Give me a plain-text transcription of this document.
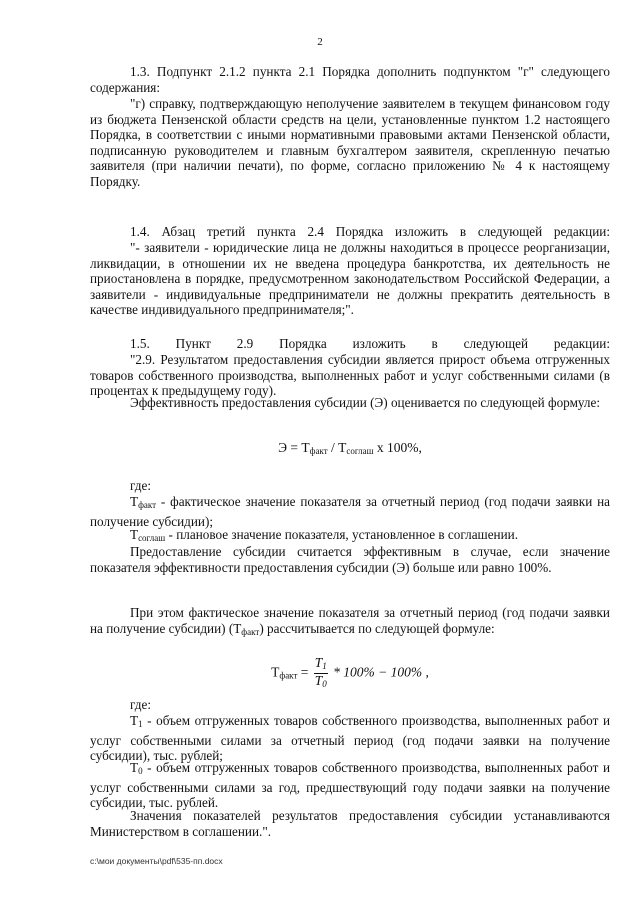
2

1.3. Подпункт 2.1.2 пункта 2.1 Порядка дополнить подпунктом "г" следующего содержания:

"г) справку, подтверждающую неполучение заявителем в текущем финансовом году из бюджета Пензенской области средств на цели, установленные пунктом 1.2 настоящего Порядка, в соответствии с иными нормативными правовыми актами Пензенской области, подписанную руководителем и главным бухгалтером заявителя, скрепленную печатью заявителя (при наличии печати), по форме, согласно приложению № 4 к настоящему Порядку.

1.4. Абзац третий пункта 2.4 Порядка изложить в следующей редакции:

"- заявители - юридические лица не должны находиться в процессе реорганизации, ликвидации, в отношении их не введена процедура банкротства, их деятельность не приостановлена в порядке, предусмотренном законодательством Российской Федерации, а заявители - индивидуальные предприниматели не должны прекратить деятельность в качестве индивидуального предпринимателя;".

1.5. Пункт 2.9 Порядка изложить в следующей редакции:

"2.9. Результатом предоставления субсидии является прирост объема отгруженных товаров собственного производства, выполненных работ и услуг собственными силами (в процентах к предыдущему году).

Эффективность предоставления субсидии (Э) оценивается по следующей формуле:

$Э = Т_{факт} / Т_{соглаш}$ х 100%,

где:

$Т_{факт}$ - фактическое значение показателя за отчетный период (год подачи заявки на получение субсидии);

$Т_{соглаш}$ - плановое значение показателя, установленное в соглашении.

Предоставление субсидии считается эффективным в случае, если значение показателя эффективности предоставления субсидии (Э) больше или равно 100%.

При этом фактическое значение показателя за отчетный период (год подачи заявки на получение субсидии) $(Т_{факт})$ рассчитывается по следующей формуле:

$Т_{факт} = \frac{T_1}{T_0} * 100\% - 100\%$ ,

где:

$Т_1$ - объем отгруженных товаров собственного производства, выполненных работ и услуг собственными силами за отчетный период (год подачи заявки на получение субсидии), тыс. рублей;

$Т_0$ - объем отгруженных товаров собственного производства, выполненных работ и услуг собственными силами за год, предшествующий году подачи заявки на получение субсидии, тыс. рублей.

Значения показателей результатов предоставления субсидии устанавливаются Министерством в соглашении.".

c:\мои документы\pdf\535-пп.docx
